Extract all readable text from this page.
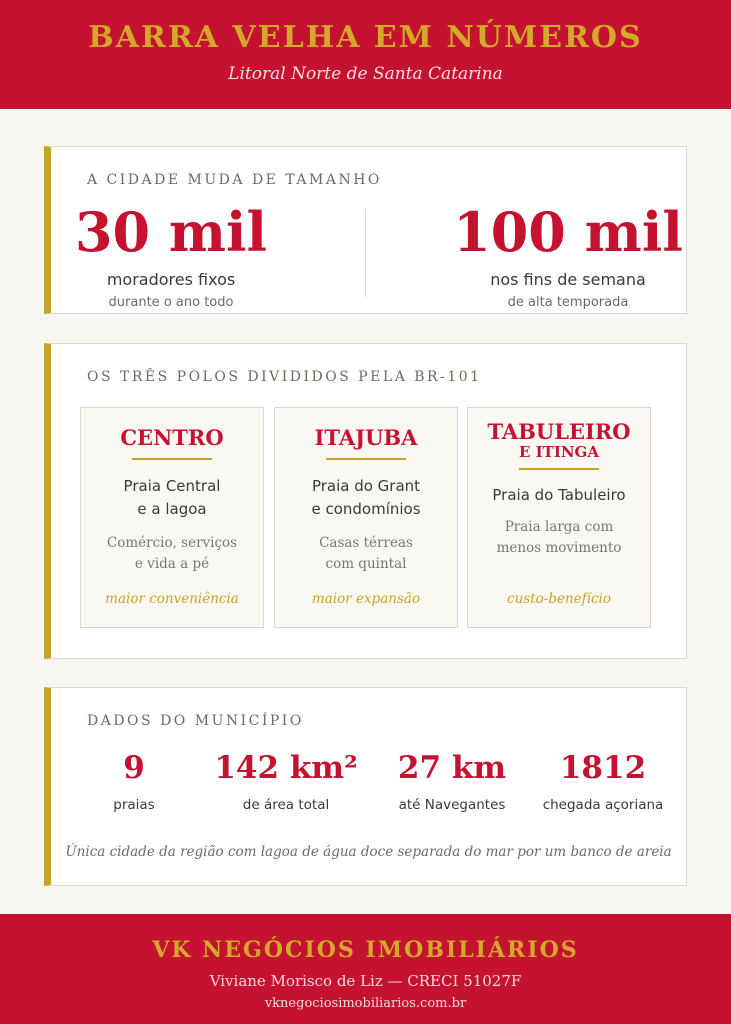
BARRA VELHA EM NÚMEROS
Litoral Norte de Santa Catarina
A CIDADE MUDA DE TAMANHO
30 mil
moradores fixos
durante o ano todo
100 mil
nos fins de semana
de alta temporada
OS TRÊS POLOS DIVIDIDOS PELA BR-101
CENTRO
Praia Central
e a lagoa
Comércio, serviços
e vida a pé
maior conveniência
ITAJUBA
Praia do Grant
e condomínios
Casas térreas
com quintal
maior expansão
TABULEIRO
E ITINGA
Praia do Tabuleiro
Praia larga com
menos movimento
custo-benefício
DADOS DO MUNICÍPIO
9
praias
142 km²
de área total
27 km
até Navegantes
1812
chegada açoriana
Única cidade da região com lagoa de água doce separada do mar por um banco de areia
VK NEGÓCIOS IMOBILIÁRIOS
Viviane Morisco de Liz — CRECI 51027F
vknegociosimobiliarios.com.br
